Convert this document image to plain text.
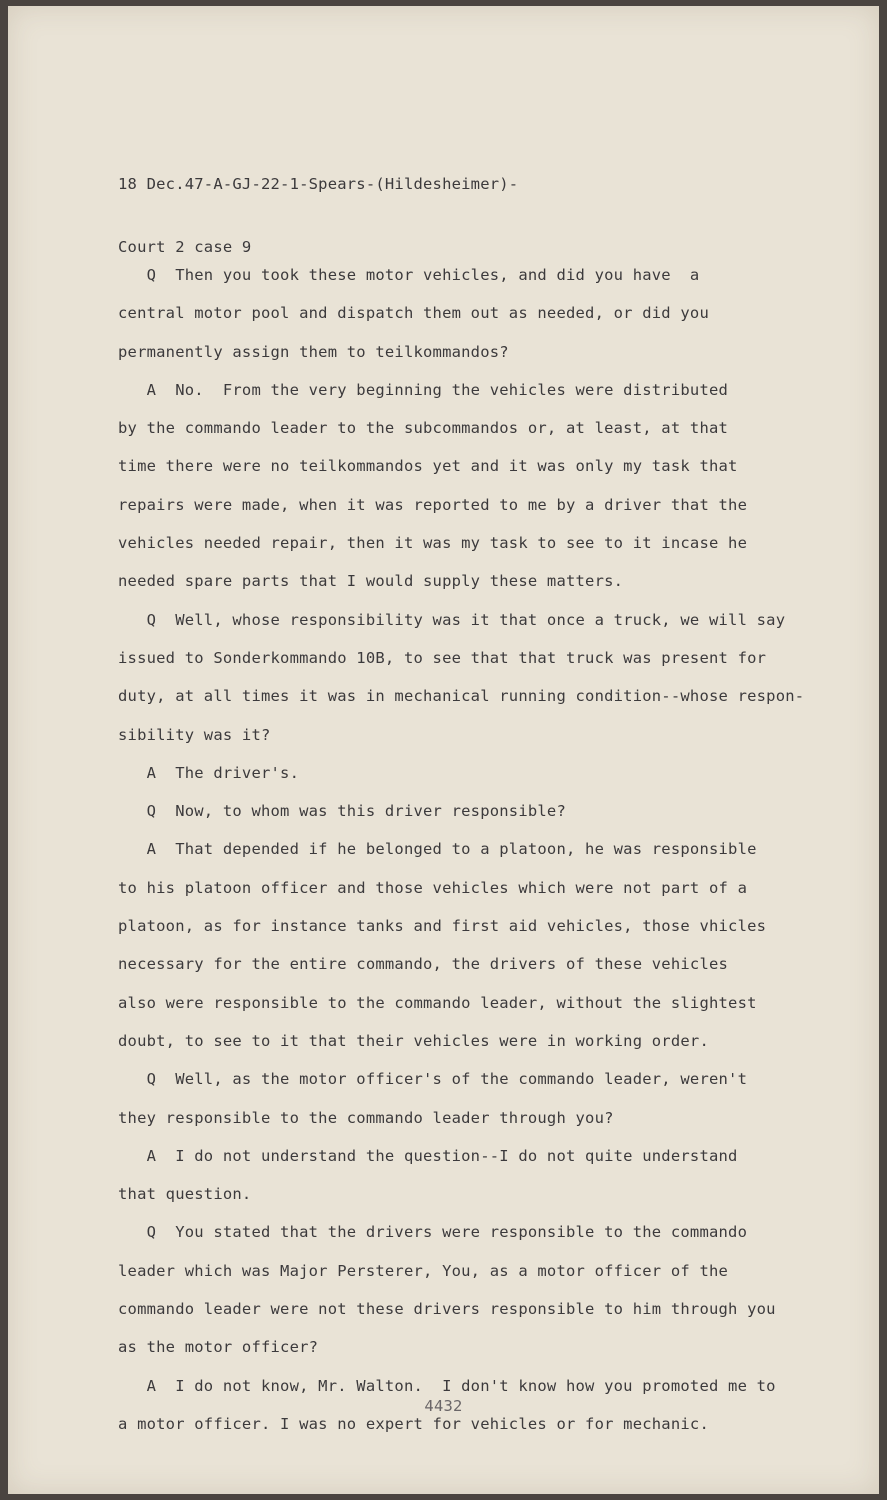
18 Dec.47-A-GJ-22-1-Spears-(Hildesheimer)-

Court 2 case 9

Q  Then you took these motor vehicles, and did you have  a
central motor pool and dispatch them out as needed, or did you
permanently assign them to teilkommandos?
A  No.  From the very beginning the vehicles were distributed
by the commando leader to the subcommandos or, at least, at that
time there were no teilkommandos yet and it was only my task that
repairs were made, when it was reported to me by a driver that the
vehicles needed repair, then it was my task to see to it incase he
needed spare parts that I would supply these matters.
Q  Well, whose responsibility was it that once a truck, we will say
issued to Sonderkommando 10B, to see that that truck was present for
duty, at all times it was in mechanical running condition--whose respon-
sibility was it?
A  The driver's.
Q  Now, to whom was this driver responsible?
A  That depended if he belonged to a platoon, he was responsible
to his platoon officer and those vehicles which were not part of a
platoon, as for instance tanks and first aid vehicles, those vhicles
necessary for the entire commando, the drivers of these vehicles
also were responsible to the commando leader, without the slightest
doubt, to see to it that their vehicles were in working order.
Q  Well, as the motor officer's of the commando leader, weren't
they responsible to the commando leader through you?
A  I do not understand the question--I do not quite understand
that question.
Q  You stated that the drivers were responsible to the commando
leader which was Major Persterer, You, as a motor officer of the
commando leader were not these drivers responsible to him through you
as the motor officer?
A  I do not know, Mr. Walton.  I don't know how you promoted me to
a motor officer. I was no expert for vehicles or for mechanic.
4432
